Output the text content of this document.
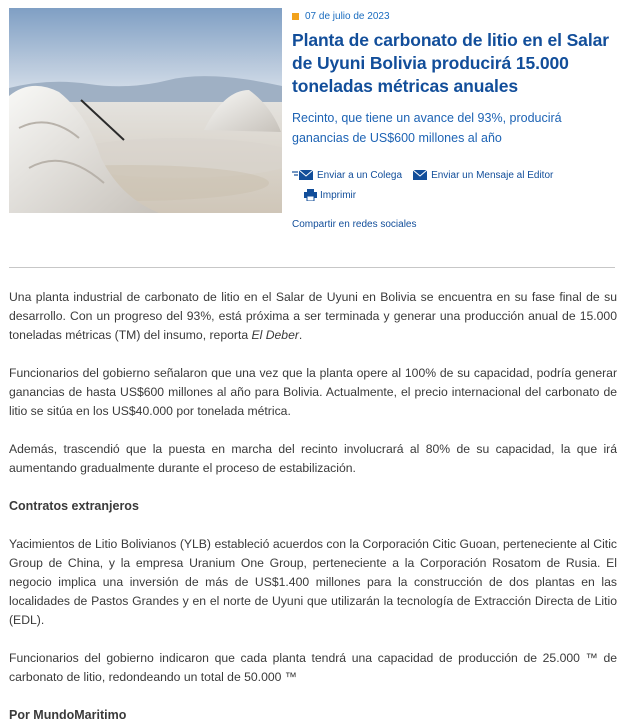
07 de julio de 2023
Planta de carbonato de litio en el Salar de Uyuni Bolivia producirá 15.000 toneladas métricas anuales
Recinto, que tiene un avance del 93%, producirá ganancias de US$600 millones al año
Enviar a un Colega	Enviar un Mensaje al Editor
Imprimir
Compartir en redes sociales

Una planta industrial de carbonato de litio en el Salar de Uyuni en Bolivia se encuentra en su fase final de su desarrollo. Con un progreso del 93%, está próxima a ser terminada y generar una producción anual de 15.000 toneladas métricas (TM) del insumo, reporta El Deber.

Funcionarios del gobierno señalaron que una vez que la planta opere al 100% de su capacidad, podría generar ganancias de hasta US$600 millones al año para Bolivia. Actualmente, el precio internacional del carbonato de litio se sitúa en los US$40.000 por tonelada métrica.

Además, trascendió que la puesta en marcha del recinto involucrará al 80% de su capacidad, la que irá aumentando gradualmente durante el proceso de estabilización.

Contratos extranjeros

Yacimientos de Litio Bolivianos (YLB) estableció acuerdos con la Corporación Citic Guoan, perteneciente al Citic Group de China, y la empresa Uranium One Group, perteneciente a la Corporación Rosatom de Rusia. El negocio implica una inversión de más de US$1.400 millones para la construcción de dos plantas en las localidades de Pastos Grandes y en el norte de Uyuni que utilizarán la tecnología de Extracción Directa de Litio (EDL).

Funcionarios del gobierno indicaron que cada planta tendrá una capacidad de producción de 25.000 ™ de carbonato de litio, redondeando un total de 50.000 ™

Por MundoMaritimo
